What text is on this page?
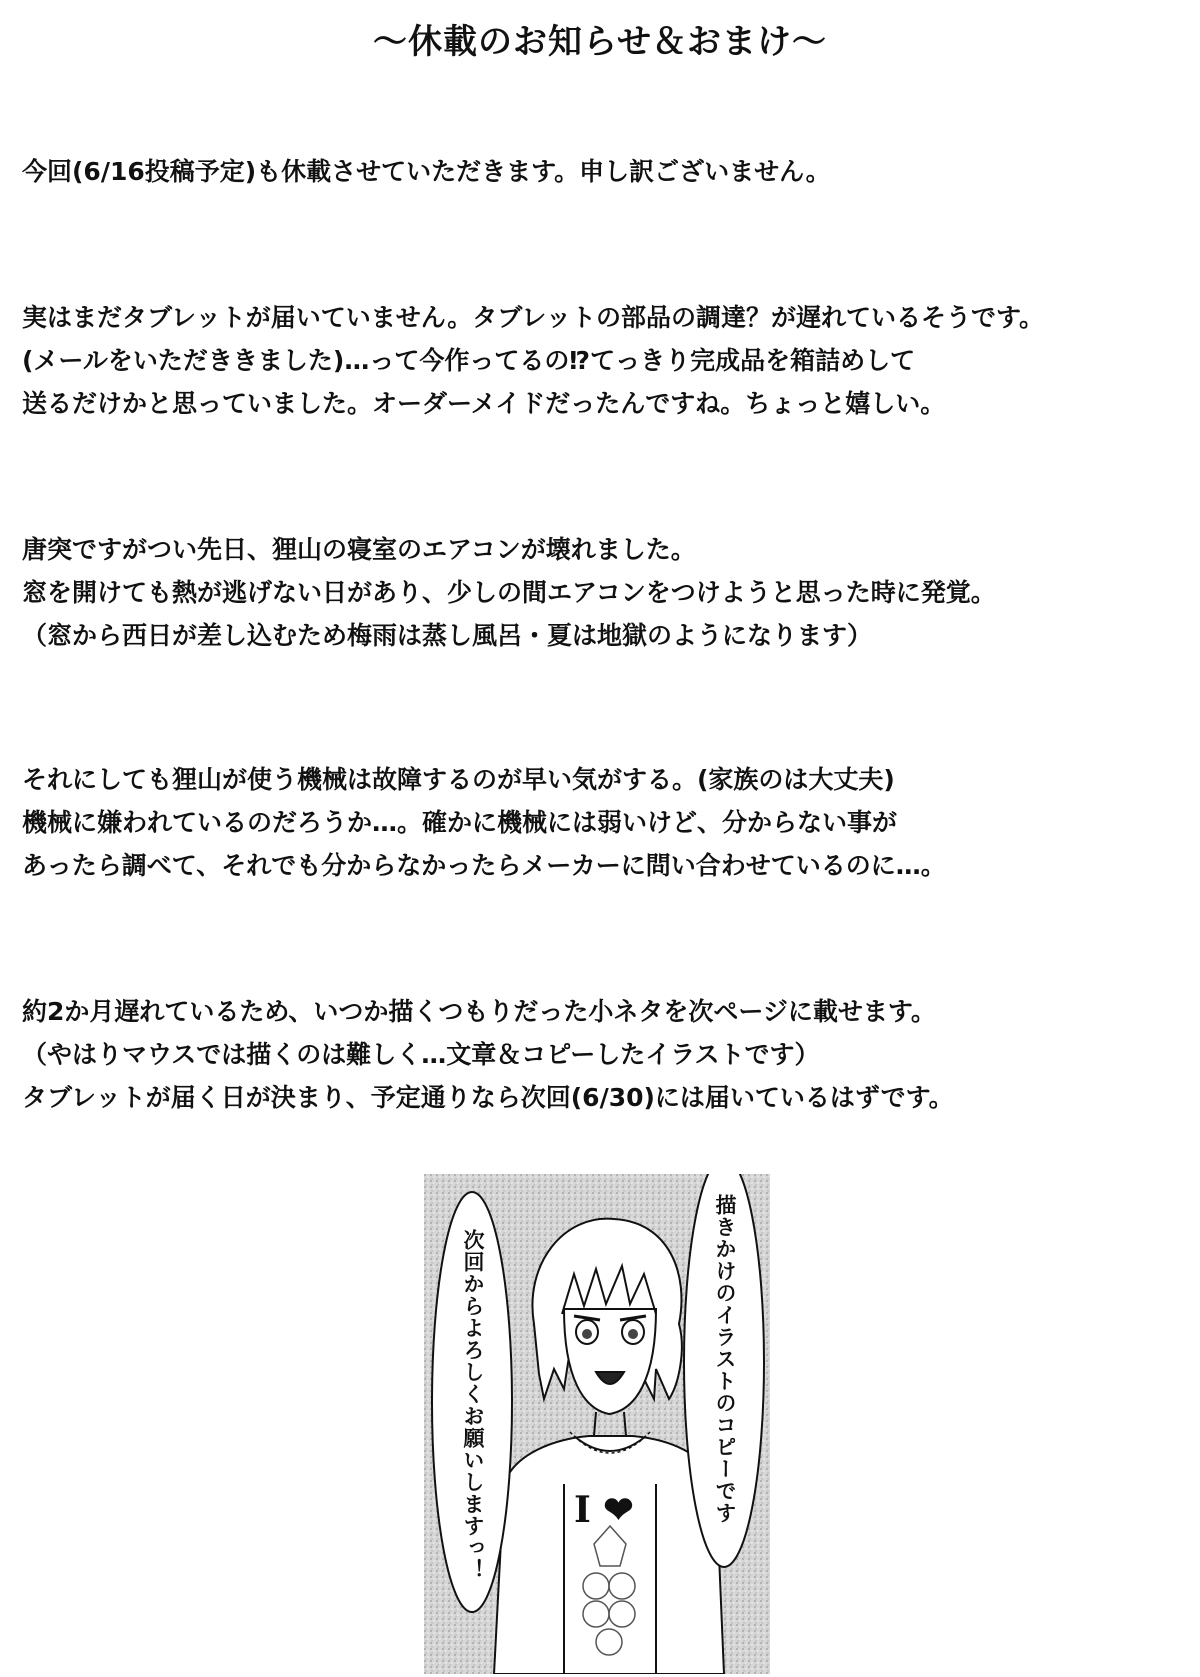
～休載のお知らせ＆おまけ～

今回(6/16投稿予定)も休載させていただきます。申し訳ございません。

実はまだタブレットが届いていません。タブレットの部品の調達？が遅れているそうです。

(メールをいただききました)…って今作ってるの⁉てっきり完成品を箱詰めして

送るだけかと思っていました。オーダーメイドだったんですね。ちょっと嬉しい。

唐突ですがつい先日、狸山の寝室のエアコンが壊れました。

窓を開けても熱が逃げない日があり、少しの間エアコンをつけようと思った時に発覚。

（窓から西日が差し込むため梅雨は蒸し風呂・夏は地獄のようになります）

それにしても狸山が使う機械は故障するのが早い気がする。(家族のは大丈夫)

機械に嫌われているのだろうか…。確かに機械には弱いけど、分からない事が

あったら調べて、それでも分からなかったらメーカーに問い合わせているのに…。

約2か月遅れているため、いつか描くつもりだった小ネタを次ページに載せます。

（やはりマウスでは描くのは難しく…文章＆コピーしたイラストです）

タブレットが届く日が決まり、予定通りなら次回(6/30)には届いているはずです。

次回からよろしくお願いしますっ！	描きかけのイラストのコピーです
I ❤
